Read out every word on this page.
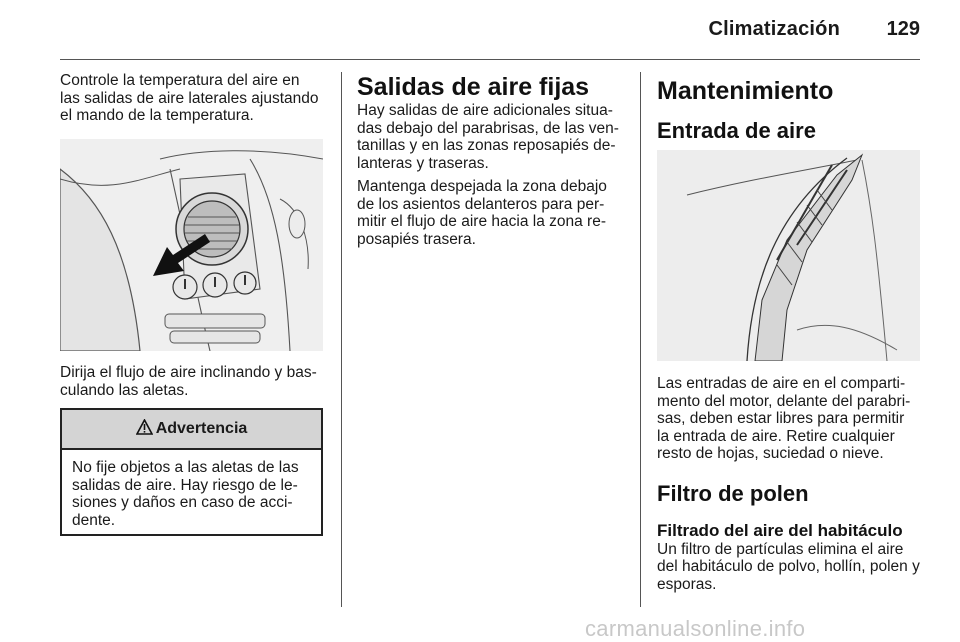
Climatización	129

Controle la temperatura del aire en las salidas de aire laterales ajustando el mando de la temperatura.

Dirija el flujo de aire inclinando y basculando las aletas.

Advertencia
No fije objetos a las aletas de las salidas de aire. Hay riesgo de lesiones y daños en caso de accidente.
Salidas de aire fijas

Hay salidas de aire adicionales situadas debajo del parabrisas, de las ventanillas y en las zonas reposapiés delanteras y traseras.

Mantenga despejada la zona debajo de los asientos delanteros para permitir el flujo de aire hacia la zona reposapiés trasera.

Mantenimiento
Entrada de aire

Las entradas de aire en el compartimento del motor, delante del parabrisas, deben estar libres para permitir la entrada de aire. Retire cualquier resto de hojas, suciedad o nieve.

Filtro de polen
Filtrado del aire del habitáculo

Un filtro de partículas elimina el aire del habitáculo de polvo, hollín, polen y esporas.

carmanualsonline.info
